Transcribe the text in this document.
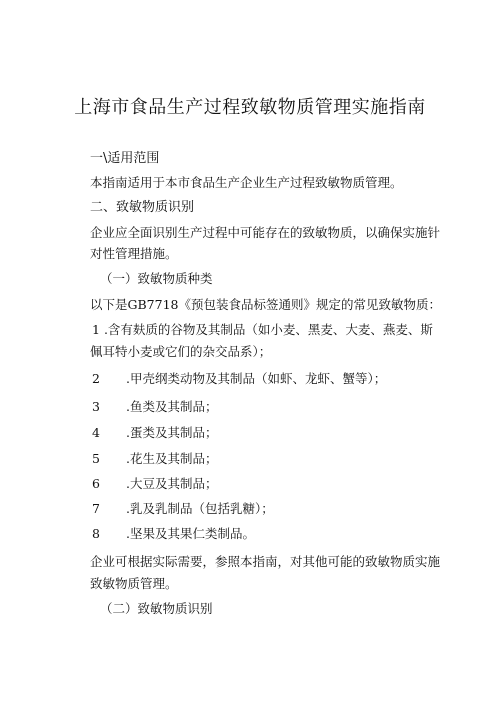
上海市食品生产过程致敏物质管理实施指南
一\适用范围
本指南适用于本市食品生产企业生产过程致敏物质管理。
二、致敏物质识别
企业应全面识别生产过程中可能存在的致敏物质，以确保实施针
对性管理措施。
（一）致敏物质种类
以下是GB7718《预包装食品标签通则》规定的常见致敏物质：
1 .含有麸质的谷物及其制品（如小麦、黑麦、大麦、燕麦、斯
佩耳特小麦或它们的杂交品系）；
2 .甲壳纲类动物及其制品（如虾、龙虾、蟹等）；
3 .鱼类及其制品；
4 .蛋类及其制品；
5 .花生及其制品；
6 .大豆及其制品；
7 .乳及乳制品（包括乳糖）；
8 .坚果及其果仁类制品。
企业可根据实际需要，参照本指南，对其他可能的致敏物质实施
致敏物质管理。
（二）致敏物质识别
